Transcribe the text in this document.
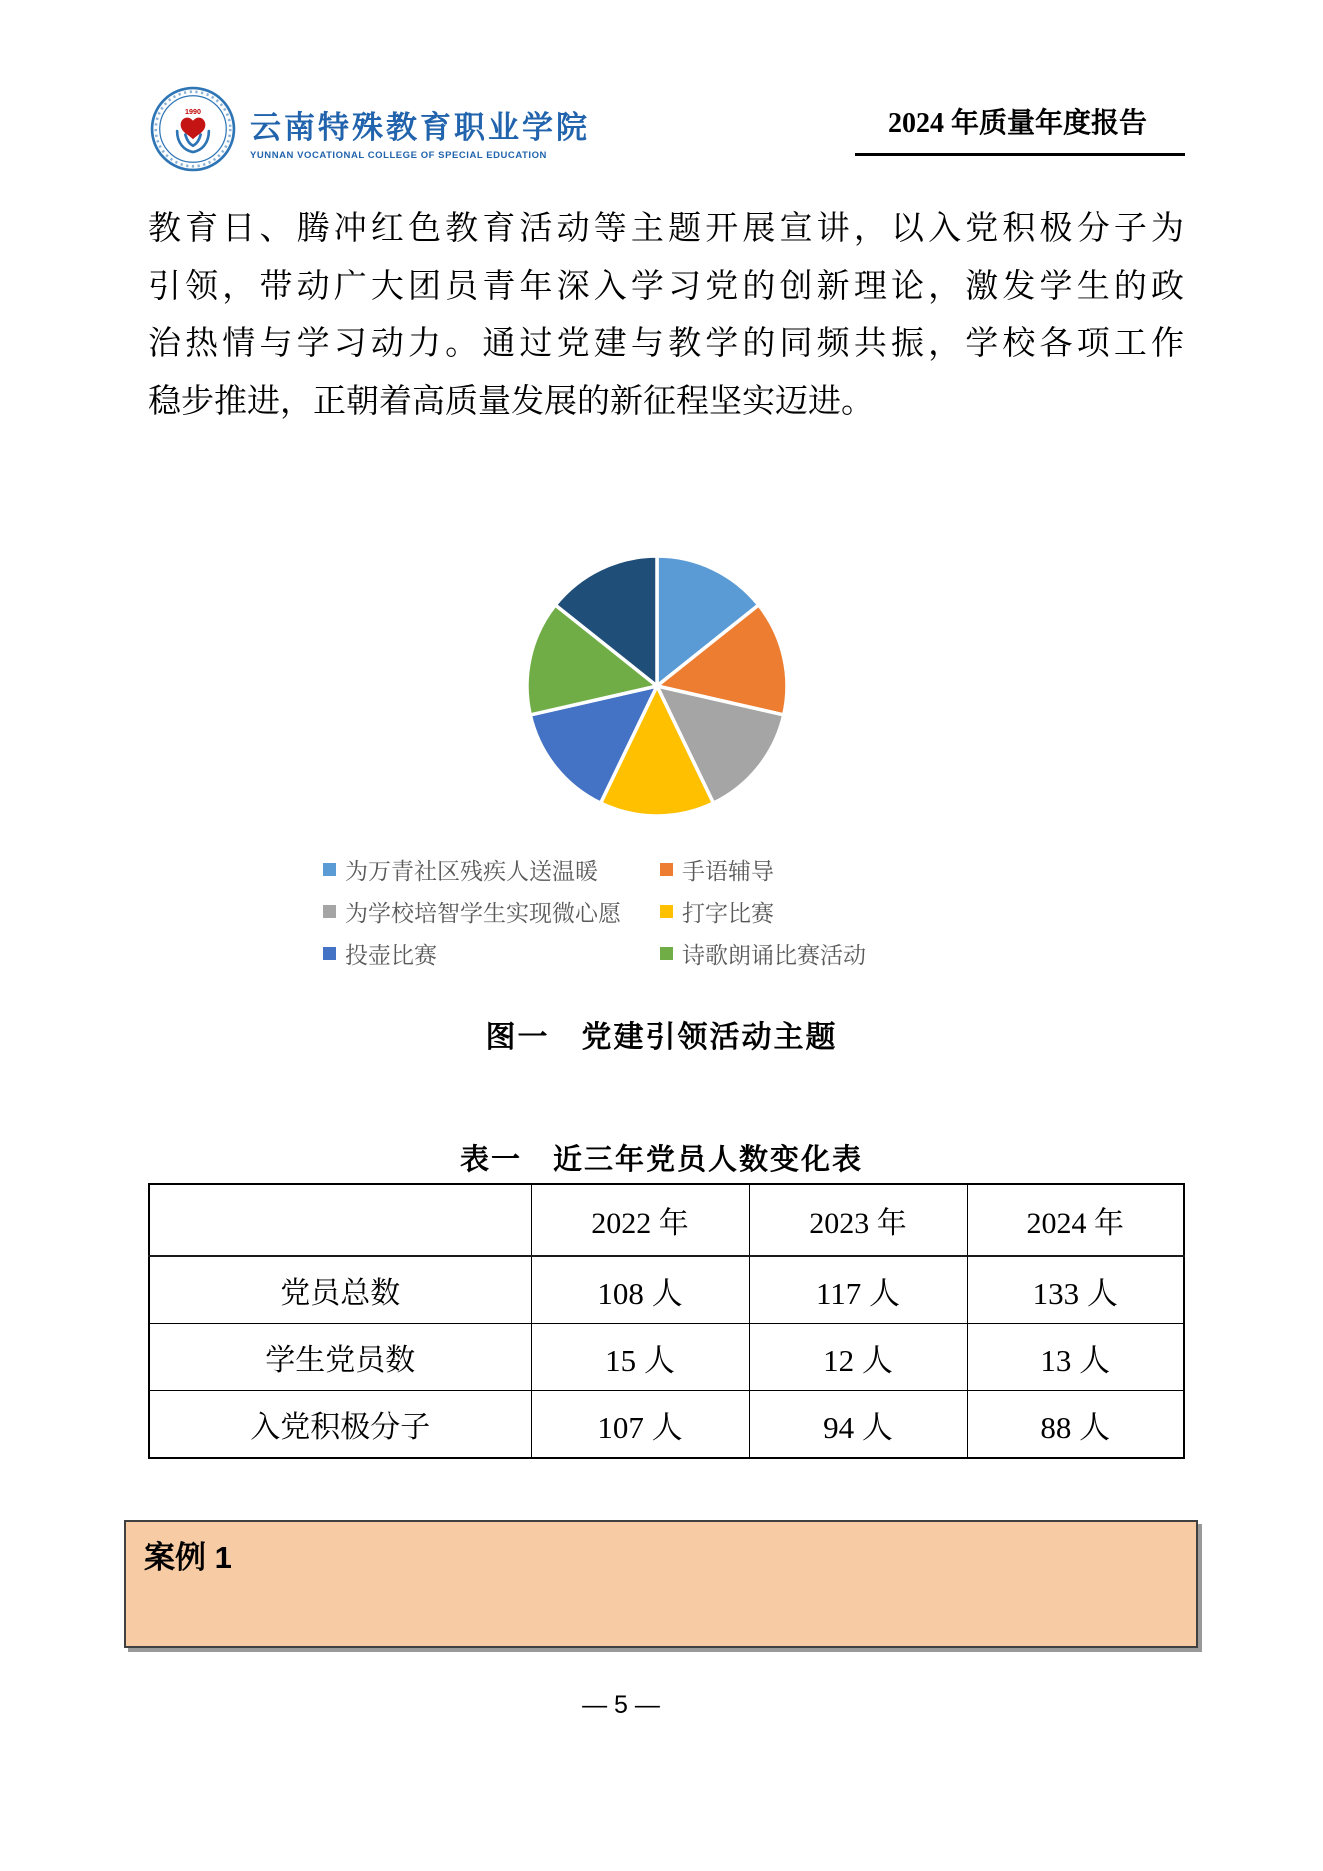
1990 云南特殊教育职业学院
YUNNAN VOCATIONAL COLLEGE OF SPECIAL EDUCATION
2024 年质量年度报告
教育日、腾冲红色教育活动等主题开展宣讲，以入党积极分子为
引领，带动广大团员青年深入学习党的创新理论，激发学生的政
治热情与学习动力。通过党建与教学的同频共振，学校各项工作
稳步推进，正朝着高质量发展的新征程坚实迈进。
为万青社区残疾人送温暖	手语辅导
为学校培智学生实现微心愿	打字比赛
投壶比赛	诗歌朗诵比赛活动
图一　党建引领活动主题
表一　近三年党员人数变化表
	2022 年	2023 年	2024 年
党员总数	108 人	117 人	133 人
学生党员数	15 人	12 人	13 人
入党积极分子	107 人	94 人	88 人
案例 1
— 5 —
